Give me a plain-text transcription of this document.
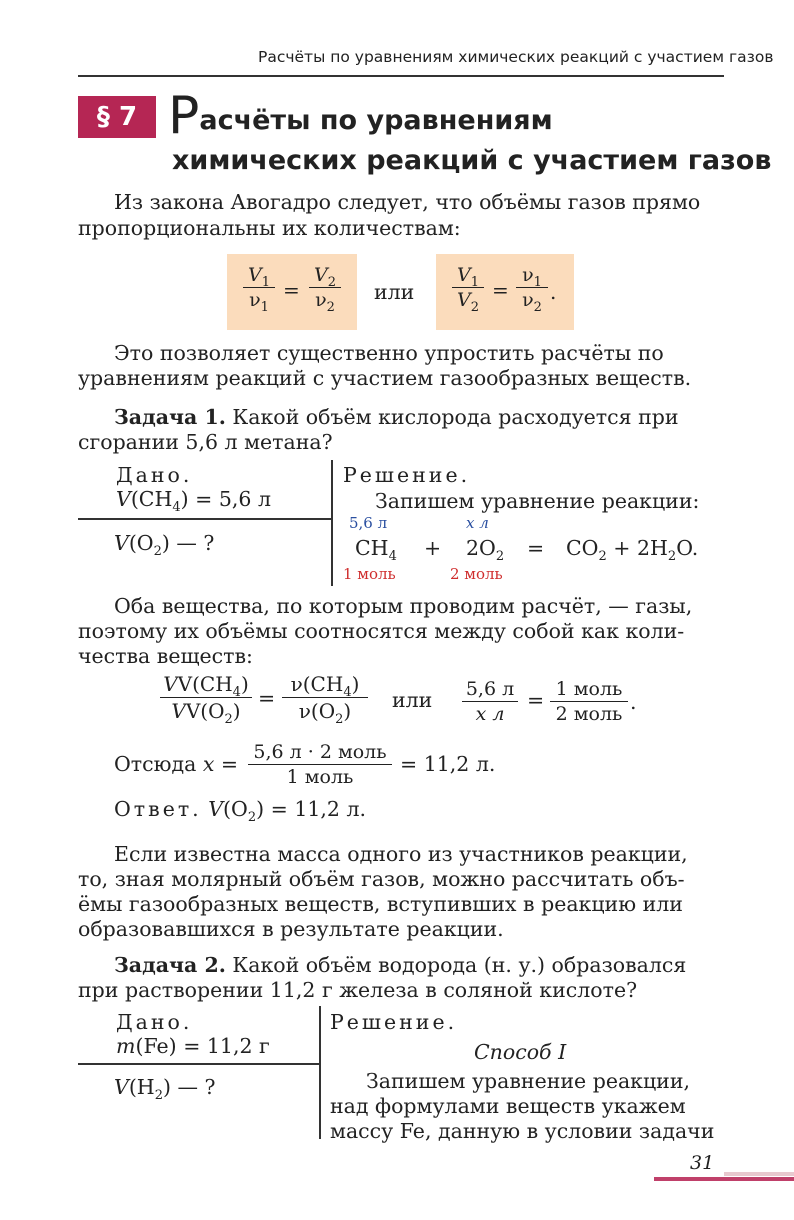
Расчёты по уравнениям химических реакций с участием газов
§ 7 Расчёты по уравнениям
химических реакций с участием газов
Из закона Авогадро следует, что объёмы газов прямо
пропорциональны их количествам:
$\frac{V_1}{\nu_1} = \frac{V_2}{\nu_2}$ или $\frac{V_1}{V_2} = \frac{\nu_1}{\nu_2}$ .
Это позволяет существенно упростить расчёты по
уравнениям реакций с участием газообразных веществ.
Задача 1. Какой объём кислорода расходуется при
сгорании 5,6 л метана?
Дано.
$V(CH_4) = 5,6$ л
$V(O_2)$ — ?
Решение.
Запишем уравнение реакции:
5,6 л	x л
$CH_4 + 2O_2 = CO_2 + 2H_2O$.
1 моль	2 моль
Оба вещества, по которым проводим расчёт, — газы,
поэтому их объёмы соотносятся между собой как коли-
чества веществ:
$\frac{VV(CH_4)}{VV(O_2)} = \frac{\nu(CH_4)}{\nu(O_2)}$ или 5,6 л
x л
= 1 моль
2 моль .
Отсюда x = 5,6 л · 2 моль
1 моль
= 11,2 л.
Ответ. $V(O_2) = 11,2$ л.
Если известна масса одного из участников реакции,
то, зная молярный объём газов, можно рассчитать объ-
ёмы газообразных веществ, вступивших в реакцию или
образовавшихся в результате реакции.
Задача 2. Какой объём водорода (н. у.) образовался
при растворении 11,2 г железа в соляной кислоте?
Дано.
m(Fe) = 11,2 г
$V(H_2)$ — ?
Решение.
Способ I
Запишем уравнение реакции,
над формулами веществ укажем
массу Fe, данную в условии задачи
31
